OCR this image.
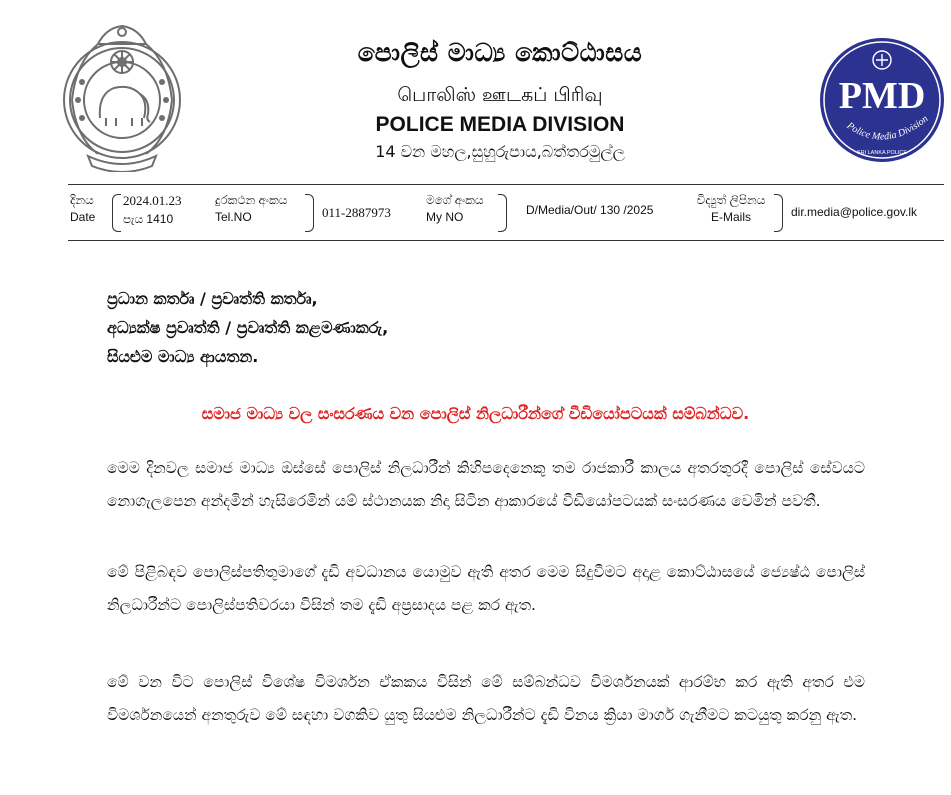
පොලිස් මාධ්‍ය කොට්ඨාසය
பொலிஸ் ஊடகப் பிரிவு
POLICE MEDIA DIVISION
14 වන මහල,සුහුරුපාය,බත්තරමුල්ල
PMD
Police Media Division
SRI LANKA POLICE
දිනය
Date
2024.01.23
පැය 1410
දුරකථන අංකය
Tel.NO	011-2887973
මගේ අංකය
My NO
D/Media/Out/ 130 /2025
විද්‍යුත් ලිපිනය
E-Mails	dir.media@police.gov.lk
ප්‍රධාන කර්තෘ / ප්‍රවෘත්ති කර්තෘ,
අධ්‍යක්ෂ ප්‍රවෘත්ති / ප්‍රවෘත්ති කළමණාකරු,
සියළුම මාධ්‍ය ආයතන.
සමාජ මාධ්‍ය වල සංසරණය වන පොලිස් නිලධාරීන්ගේ වීඩියෝපටයක් සම්බන්ධව.
මෙම දිනවල සමාජ මාධ්‍ය ඔස්සේ පොලිස් නිලධාරීන් කිහිපදෙනෙකු තම රාජකාරී කාලය අතරතුරදී පොලිස් සේවයට නොගැලපෙන අන්දමින් හැසිරෙමින් යම් ස්ථානයක නිදා සිටින ආකාරයේ වීඩියෝපටයක් සංසරණය වෙමින් පවතී.
මේ පිළිබඳව පොලිස්පතිතුමාගේ දැඩි අවධානය යොමුව ඇති අතර මෙම සිදුවීමට අදාළ කොට්ඨාසයේ ජ්‍යෙෂ්ඨ පොලිස් නිලධාරීන්ට පොලිස්පතිවරයා විසින් තම දැඩි අප්‍රසාදය පළ කර ඇත.
මේ වන විට පොලිස් විශේෂ විමර්ශන ඒකකය විසින් මේ සම්බන්ධව විමර්ශනයක් ආරම්භ කර ඇති අතර එම විමර්ශනයෙන් අනතුරුව මේ සඳහා වගකිව යුතු සියළුම නිලධාරීන්ට දැඩි විනය ක්‍රියා මාර්ග ගැනීමට කටයුතු කරනු ඇත.
